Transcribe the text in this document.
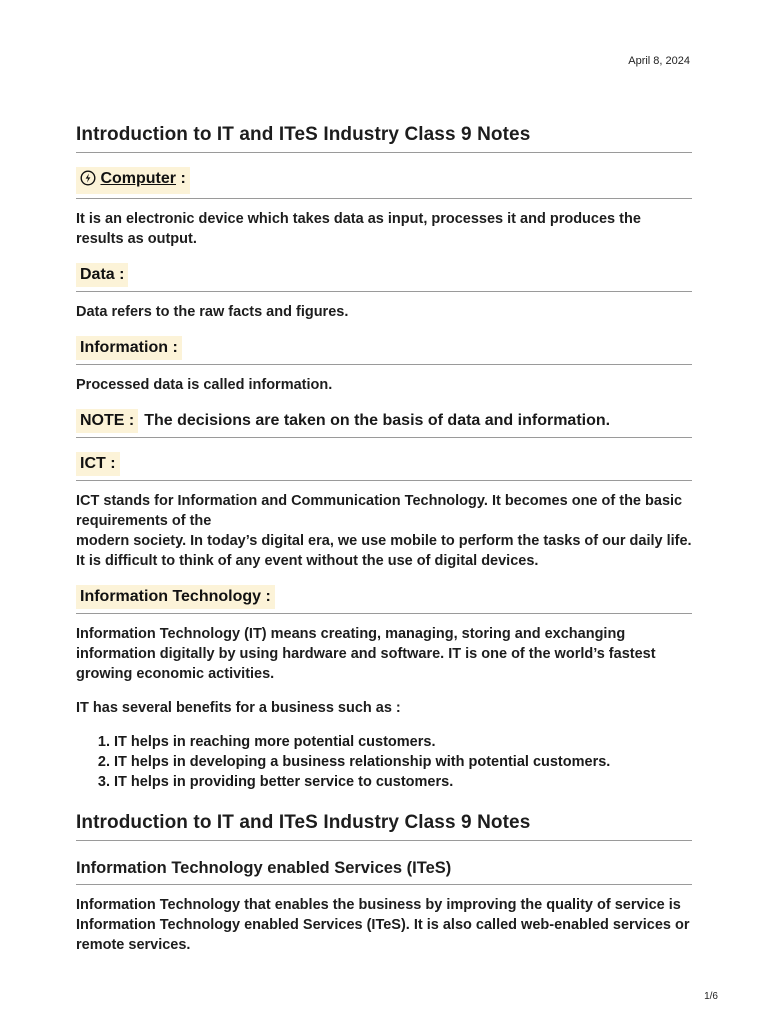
April 8, 2024
Introduction to IT and ITeS Industry Class 9 Notes
Computer :

It is an electronic device which takes data as input, processes it and produces the results as output.

Data :

Data refers to the raw facts and figures.

Information :

Processed data is called information.

NOTE : The decisions are taken on the basis of data and information.
ICT :

ICT stands for Information and Communication Technology. It becomes one of the basic requirements of the
modern society. In today’s digital era, we use mobile to perform the tasks of our daily life. It is difficult to think of any event without the use of digital devices.

Information Technology :

Information Technology (IT) means creating, managing, storing and exchanging information digitally by using hardware and software. IT is one of the world’s fastest growing economic activities.

IT has several benefits for a business such as :

1. IT helps in reaching more potential customers.
2. IT helps in developing a business relationship with potential customers.
3. IT helps in providing better service to customers.
Introduction to IT and ITeS Industry Class 9 Notes
Information Technology enabled Services (ITeS)

Information Technology that enables the business by improving the quality of service is Information Technology enabled Services (ITeS). It is also called web-enabled services or remote services.

1/6
